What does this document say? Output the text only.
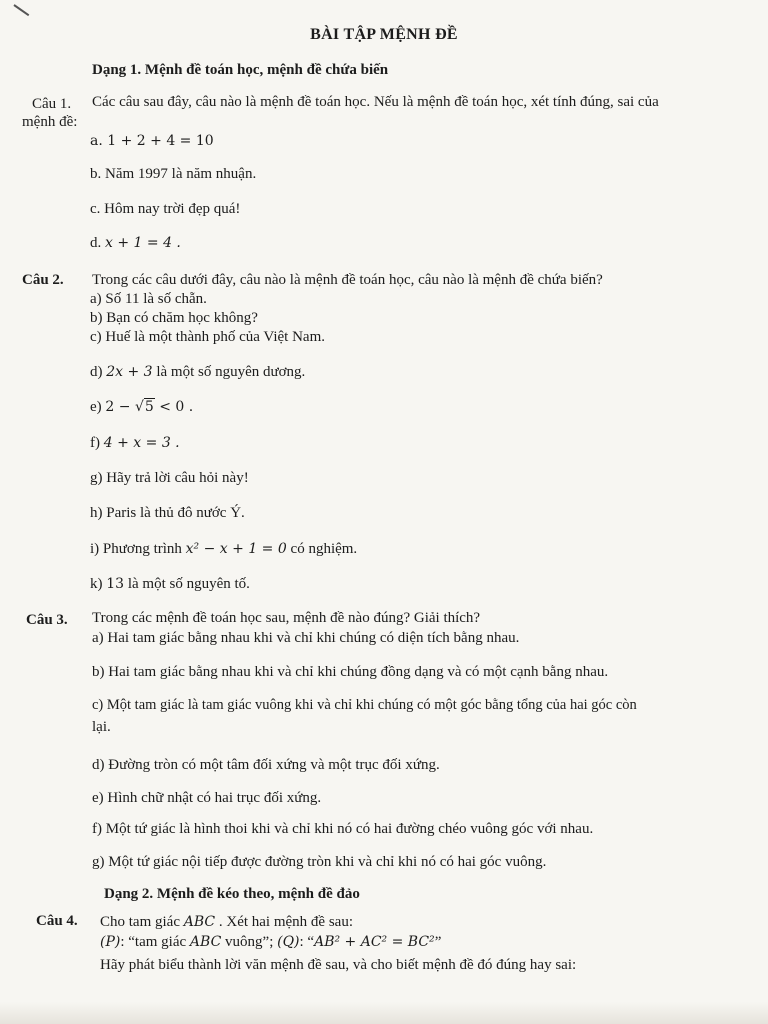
BÀI TẬP MỆNH ĐỀ
Dạng 1. Mệnh đề toán học, mệnh đề chứa biến
Câu 1. Các câu sau đây, câu nào là mệnh đề toán học. Nếu là mệnh đề toán học, xét tính đúng, sai của
mệnh đề:
a. 1 + 2 + 4 = 10
b. Năm 1997 là năm nhuận.
c. Hôm nay trời đẹp quá!
d. x + 1 = 4 .
Câu 2. Trong các câu dưới đây, câu nào là mệnh đề toán học, câu nào là mệnh đề chứa biến?
a) Số 11 là số chẵn.
b) Bạn có chăm học không?
c) Huế là một thành phố của Việt Nam.
d) 2x + 3 là một số nguyên dương.
e) 2 − √5 < 0 .
f) 4 + x = 3 .
g) Hãy trả lời câu hỏi này!
h) Paris là thủ đô nước Ý.
i) Phương trình x² − x + 1 = 0 có nghiệm.
k) 13 là một số nguyên tố.
Câu 3. Trong các mệnh đề toán học sau, mệnh đề nào đúng? Giải thích?
a) Hai tam giác bằng nhau khi và chỉ khi chúng có diện tích bằng nhau.
b) Hai tam giác bằng nhau khi và chỉ khi chúng đồng dạng và có một cạnh bằng nhau.
c) Một tam giác là tam giác vuông khi và chỉ khi chúng có một góc bằng tổng của hai góc còn
lại.
d) Đường tròn có một tâm đối xứng và một trục đối xứng.
e) Hình chữ nhật có hai trục đối xứng.
f) Một tứ giác là hình thoi khi và chỉ khi nó có hai đường chéo vuông góc với nhau.
g) Một tứ giác nội tiếp được đường tròn khi và chỉ khi nó có hai góc vuông.
Dạng 2. Mệnh đề kéo theo, mệnh đề đảo
Câu 4. Cho tam giác ABC . Xét hai mệnh đề sau:
(P): “tam giác ABC vuông”; (Q): “AB² + AC² = BC²”
Hãy phát biểu thành lời văn mệnh đề sau, và cho biết mệnh đề đó đúng hay sai:
